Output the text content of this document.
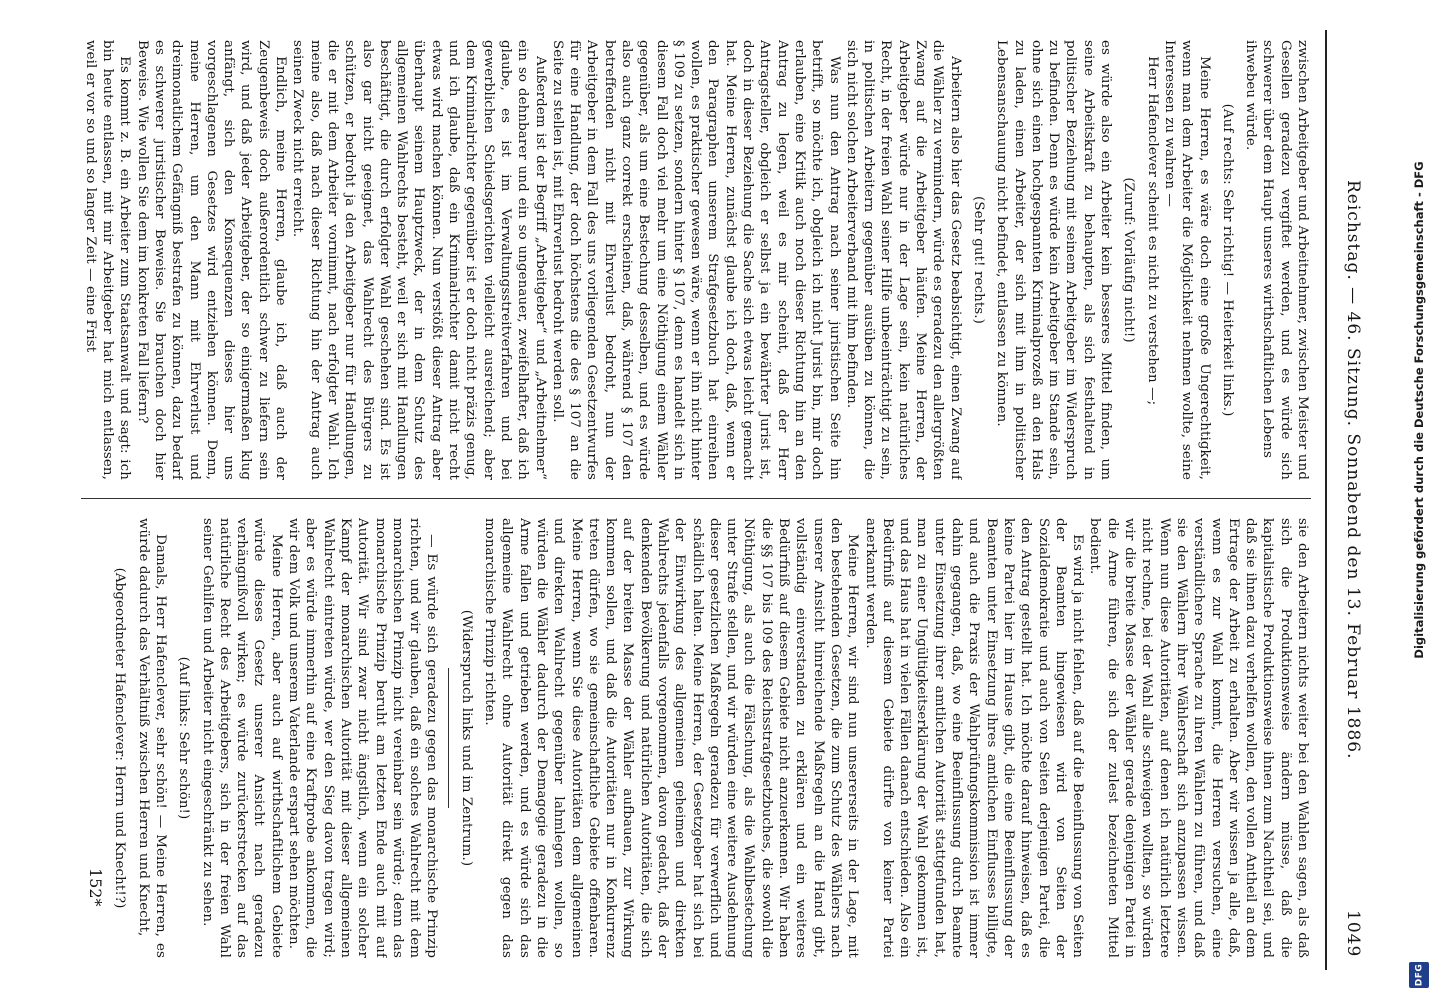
Reichstag. — 46. Sitzung. Sonnabend den 13. Februar 1886.
1049

zwischen Arbeitgeber und Arbeitnehmer, zwischen Meister und Gesellen geradezu vergiftet werden, und es würde sich schwerer über dem Haupt unseres wirthschaftlichen Lebens

ihwebeu würde.

(Auf rechts: Sehr richtig! — Heiterkeit links.)

Meine Herren, es wäre doch eine große Ungerechtigkeit, wenn man dem Arbeiter die Möglichkeit nehmen wollte, seine Interessen zu wahren —

Herr Hafenclever scheint es nicht zu verstehen —;

(Zuruf: Vorläufig nicht!)

es würde also ein Arbeiter kein besseres Mittel finden, um seine Arbeitskraft zu behaupten, als sich festhaltend in politischer Beziehung mit seinem Arbeitgeber im Widerspruch zu befinden. Denn es würde kein Arbeitgeber im Stande sein, ohne sich einen hochgespannten Kriminalprozeß an den Hals zu laden, einen Arbeiter, der sich mit ihm in politischer Lebensanschauung nicht befindet, entlassen zu können.

(Sehr gut! rechts.)

Arbeitern also hier das Gesetz beabsichtigt, einen Zwang auf die Wähler zu vermindern, würde es geradezu den allergrößten Zwang auf die Arbeitgeber häufen. Meine Herren, der Arbeitgeber würde nur in der Lage sein, kein natürliches Recht, in der freien Wahl seiner Hilfe unbeeinträchtigt zu sein, in politischen Arbeitern gegenüber ausüben zu können, die sich nicht solchen Arbeiterverband mit ihm befinden.

Was nun den Antrag nach seiner juristischen Seite hin betrifft, so möchte ich, obgleich ich nicht Jurist bin, mir doch erlauben, eine Kritik auch noch dieser Richtung hin an den Antrag zu legen, weil es mir scheint, daß der Herr Antragsteller, obgleich er selbst ja ein bewährter Jurist ist, doch in dieser Beziehung die Sache sich etwas leicht gemacht hat. Meine Herren, zunächst glaube ich doch, daß, wenn er den Paragraphen unserem Strafgesetzbuch hat einreihen wollen, es praktischer gewesen wäre, wenn er ihn nicht hinter § 109 zu setzen, sondern hinter § 107, denn es handelt sich in diesem Fall doch viel mehr um eine Nöthigung einem Wähler gegenüber, als um eine Bestechung desselben, und es würde also auch ganz correkt erscheinen, daß, während § 107 den betreffenden nicht mit Ehrverlust bedroht, nun der Arbeitgeber in dem Fall des uns vorliegenden Gesetzentwurfes für eine Handlung, der doch höchstens die des § 107 an die Seite zu stellen ist, mit Ehrverlust bedroht werden soll.

Außerdem ist der Begriff „Arbeitgeber“ und „Arbeitnehmer“ ein so dehnbarer und ein so ungenauer, zweifelhafter, daß ich glaube, es ist im Verwaltungsstreitverfahren und bei gewerblichen Schiedsgerichten vielleicht ausreichend; aber dem Kriminalrichter gegenüber ist er doch nicht präzis genug, und ich glaube, daß ein Kriminalrichter damit nicht recht etwas wird machen können. Nun verstößt dieser Antrag aber überhaupt seinem Hauptzweck, der in dem Schutz des allgemeinen Wahlrechts besteht, weil er sich mit Handlungen beschäftigt, die durch erfolgter Wahl geschehen sind. Es ist also gar nicht geeignet, das Wahlrecht des Bürgers zu schützen, er bedroht ja den Arbeitgeber nur für Handlungen, die er mit dem Arbeiter vornimmt, nach erfolgter Wahl. Ich meine also, daß nach dieser Richtung hin der Antrag auch seinen Zweck nicht erreicht.

Endlich, meine Herren, glaube ich, daß auch der Zeugenbeweis doch außerordentlich schwer zu liefern sein wird, und daß jeder Arbeitgeber, der so einigermaßen klug anfängt, sich den Konsequenzen dieses hier uns vorgeschlagenen Gesetzes wird entziehen können. Denn, meine Herren, um den Mann mit Ehrverlust und dreimonatlichem Gefängniß bestrafen zu können, dazu bedarf es schwerer juristischer Beweise. Sie brauchen doch hier Beweise. Wie wollen Sie dem im konkreten Fall liefern?

Es kommt z. B. ein Arbeiter zum Staatsanwalt und sagt: ich bin heute entlassen, mit mir Arbeitgeber hat mich entlassen, weil er vor so und so langer Zeit — eine Frist

sie den Arbeitern nichts weiter bei den Wahlen sagen, als daß sich die Produktionsweise ändern müsse, daß die kapitalistische Produktionsweise ihnen zum Nachtheil sei, und daß sie ihnen dazu verhelfen wollen, den vollen Antheil an dem Ertrage der Arbeit zu erhalten. Aber wir wissen ja alle, daß, wenn es zur Wahl kommt, die Herren versuchen, eine verständlichere Sprache zu ihren Wählern zu führen, und daß sie den Wählern ihrer Wählerschaft sich anzupassen wissen. Wenn nun diese Autoritäten, auf denen ich natürlich letztere nicht rechne, bei der Wahl alle schweigen wollten, so würden wir die breite Masse der Wähler gerade denjenigen Partei in die Arme führen, die sich der zulest bezeichneten Mittel bedient.

Es wird ja nicht fehlen, daß auf die Beeinflussung von Seiten der Beamten hingewiesen wird von Seiten der Sozialdemokratie und auch von Seiten derjenigen Partei, die den Antrag gestellt hat. Ich möchte darauf hinweisen, daß es keine Partei hier im Hause gibt, die eine Beeinflussung der Beamten unter Einsetzung ihres amtlichen Einflusses billigte, und auch die Praxis der Wahlprüfungskommission ist immer dahin gegangen, daß, wo eine Beeinflussung durch Beamte unter Einsetzung ihrer amtlichen Autorität stattgefunden hat, man zu einer Ungültigkeitserklärung der Wahl gekommen ist, und das Haus hat in vielen Fällen danach entschieden. Also ein Bedürfniß auf diesem Gebiete dürfte von keiner Partei anerkannt werden.

Meine Herren, wir sind nun unsererseits in der Lage, mit den bestehenden Gesetzen, die zum Schutz des Wählers nach unserer Ansicht hinreichende Maßregeln an die Hand gibt, vollständig einverstanden zu erklären und ein weiteres Bedürfniß auf diesem Gebiete nicht anzuerkennen. Wir haben die §§ 107 bis 109 des Reichsstrafgesetzbuches, die sowohl die Nöthigung, als auch die Fälschung, als die Wahlbestechung unter Strafe stellen, und wir würden eine weitere Ausdehnung dieser gesetzlichen Maßregeln geradezu für verwerflich und schädlich halten. Meine Herren, der Gesetzgeber hat sich bei der Einwirkung des allgemeinen geheimen und direkten Wahlrechts jedenfalls vorgenommen, davon gedacht, daß der denkenden Bevölkerung und natürlichen Autoritäten, die sich auf der breiten Masse der Wähler aufbauen, zur Wirkung kommen sollen, und daß die Autoritäten nur in Konkurrenz treten dürfen, wo sie gemeinschaftliche Gebiete offenbaren. Meine Herren, wenn Sie diese Autoritäten dem allgemeinen und direkten Wahlrecht gegenüber lahmlegen wollen, so würden die Wähler dadurch der Demagogie geradezu in die Arme fallen und getrieben werden, und es würde sich das allgemeine Wahlrecht ohne Autorität direkt gegen das monarchische Prinzip richten.

(Widerspruch links und im Zentrum.)

— Es würde sich geradezu gegen das monarchische Prinzip richten, und wir glauben, daß ein solches Wahlrecht mit dem monarchischen Prinzip nicht vereinbar sein würde; denn das monarchische Prinzip beruht am letzten Ende auch mit auf Autorität. Wir sind zwar nicht ängstlich, wenn ein solcher Kampf der monarchischen Autorität mit dieser allgemeinen Wahlrecht eintreten würde, wer den Sieg davon tragen wird; aber es würde immerhin auf eine Kraftprobe ankommen, die wir dem Volk und unserem Vaterlande erspart sehen möchten.

Meine Herren, aber auch auf wirthschaftlichem Gebiete würde dieses Gesetz unserer Ansicht nach geradezu verhängnißvoll wirken; es würde zurückerstrecken auf das natürliche Recht des Arbeitgebers, sich in der freien Wahl seiner Gehilfen und Arbeiter nicht eingeschränkt zu sehen.

(Auf links: Sehr schön!)

Damals, Herr Hafenclever, sehr schön! — Meine Herren, es würde dadurch das Verhältniß zwischen Herren und Knecht,

(Abgeordneter Hafenclever: Herrn und Knecht!?)

152*
Digitalisierung gefördert durch die Deutsche Forschungsgemeinschaft - DFG
DFG
